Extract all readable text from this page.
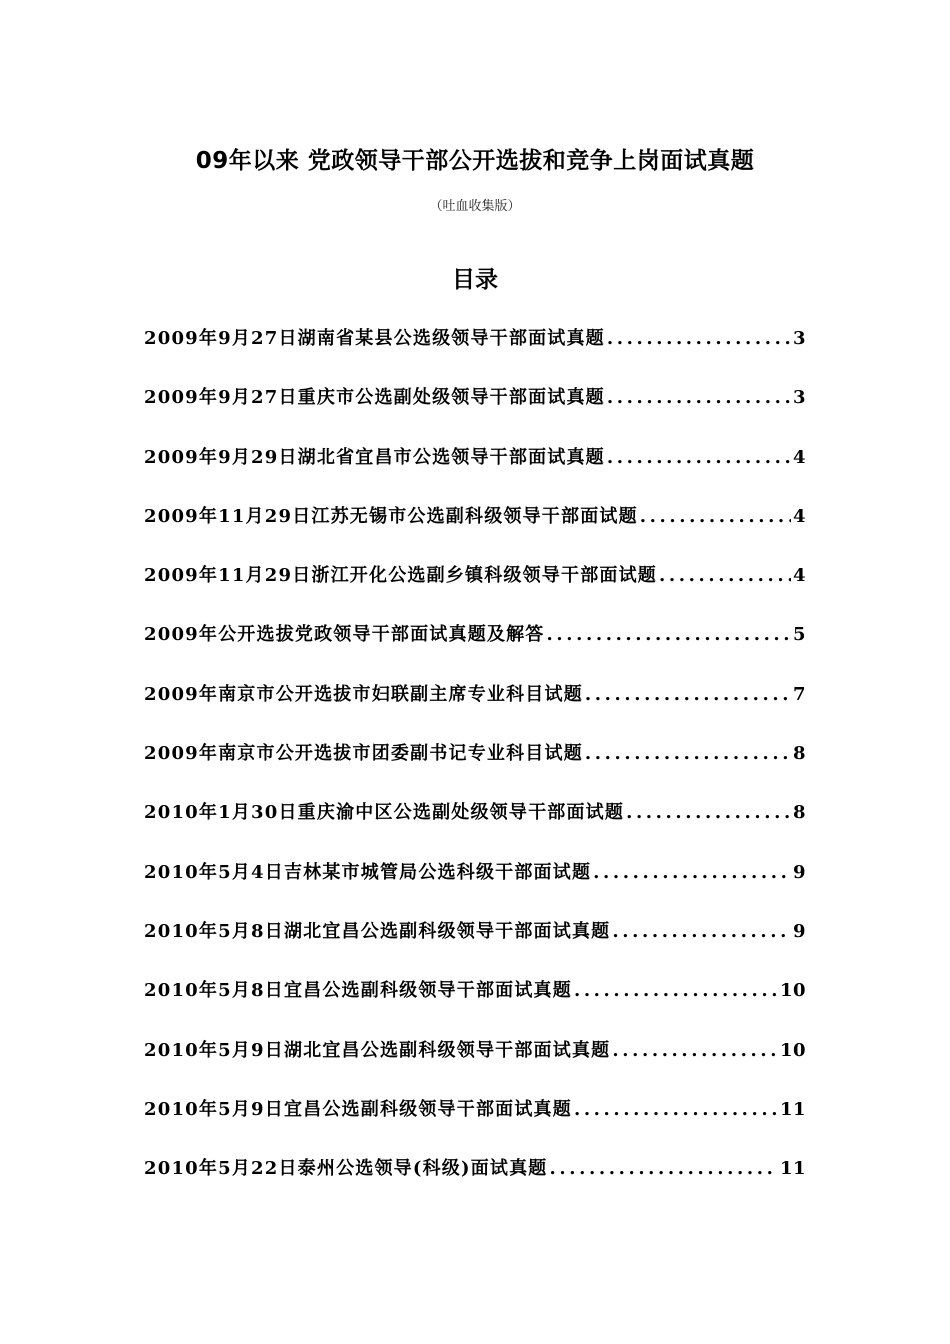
09年以来 党政领导干部公开选拔和竞争上岗面试真题
（吐血收集版）
目录
2009年9月27日湖南省某县公选级领导干部面试真题 .....	3
2009年9月27日重庆市公选副处级领导干部面试真题 .....	3
2009年9月29日湖北省宜昌市公选领导干部面试真题 .....	4
2009年11月29日江苏无锡市公选副科级领导干部面试题 .....	4
2009年11月29日浙江开化公选副乡镇科级领导干部面试题 .....	4
2009年公开选拔党政领导干部面试真题及解答 .....	5
2009年南京市公开选拔市妇联副主席专业科目试题 .....	7
2009年南京市公开选拔市团委副书记专业科目试题 .....	8
2010年1月30日重庆渝中区公选副处级领导干部面试题 .....	8
2010年5月4日吉林某市城管局公选科级干部面试题 .....	9
2010年5月8日湖北宜昌公选副科级领导干部面试真题 .....	9
2010年5月8日宜昌公选副科级领导干部面试真题 .....	10
2010年5月9日湖北宜昌公选副科级领导干部面试真题 .....	10
2010年5月9日宜昌公选副科级领导干部面试真题 .....	11
2010年5月22日泰州公选领导(科级)面试真题 .....	11
